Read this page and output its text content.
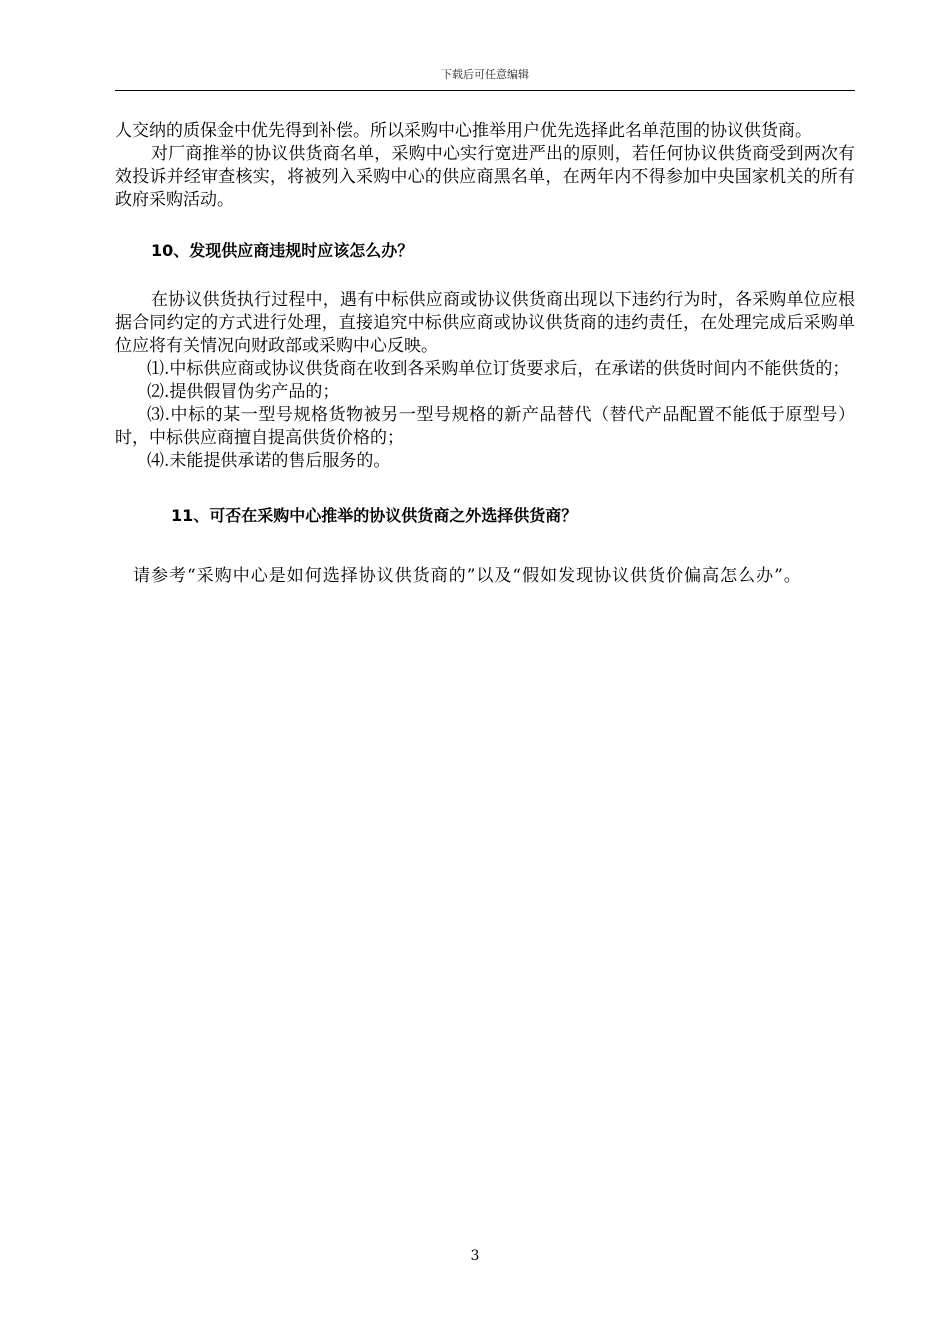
下载后可任意编辑

人交纳的质保金中优先得到补偿。所以采购中心推举用户优先选择此名单范围的协议供货商。

对厂商推举的协议供货商名单，采购中心实行宽进严出的原则，若任何协议供货商受到两次有效投诉并经审查核实，将被列入采购中心的供应商黑名单，在两年内不得参加中央国家机关的所有政府采购活动。

10、发现供应商违规时应该怎么办？

在协议供货执行过程中，遇有中标供应商或协议供货商出现以下违约行为时，各采购单位应根据合同约定的方式进行处理，直接追究中标供应商或协议供货商的违约责任，在处理完成后采购单位应将有关情况向财政部或采购中心反映。

⑴.中标供应商或协议供货商在收到各采购单位订货要求后，在承诺的供货时间内不能供货的；

⑵.提供假冒伪劣产品的；

⑶.中标的某一型号规格货物被另一型号规格的新产品替代（替代产品配置不能低于原型号）时，中标供应商擅自提高供货价格的；

⑷.未能提供承诺的售后服务的。

11、可否在采购中心推举的协议供货商之外选择供货商？

请参考“采购中心是如何选择协议供货商的”以及“假如发现协议供货价偏高怎么办”。

3
